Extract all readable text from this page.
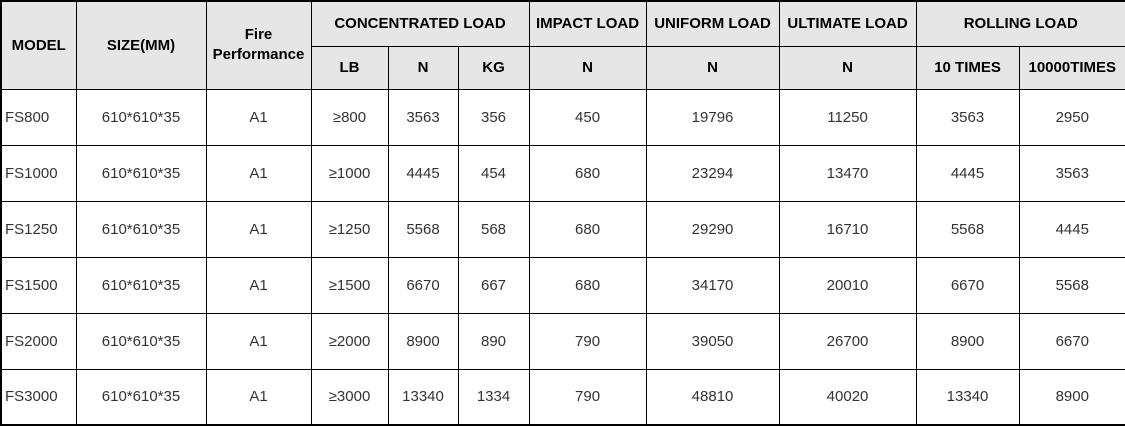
MODEL	SIZE(MM)	Fire Performance	CONCENTRATED LOAD			IMPACT LOAD	UNIFORM LOAD	ULTIMATE LOAD	ROLLING LOAD	
			LB	N	KG	N	N	N	10 TIMES	10000TIMES
FS800	610*610*35	A1	≥800	3563	356	450	19796	11250	3563	2950
FS1000	610*610*35	A1	≥1000	4445	454	680	23294	13470	4445	3563
FS1250	610*610*35	A1	≥1250	5568	568	680	29290	16710	5568	4445
FS1500	610*610*35	A1	≥1500	6670	667	680	34170	20010	6670	5568
FS2000	610*610*35	A1	≥2000	8900	890	790	39050	26700	8900	6670
FS3000	610*610*35	A1	≥3000	13340	1334	790	48810	40020	13340	8900
